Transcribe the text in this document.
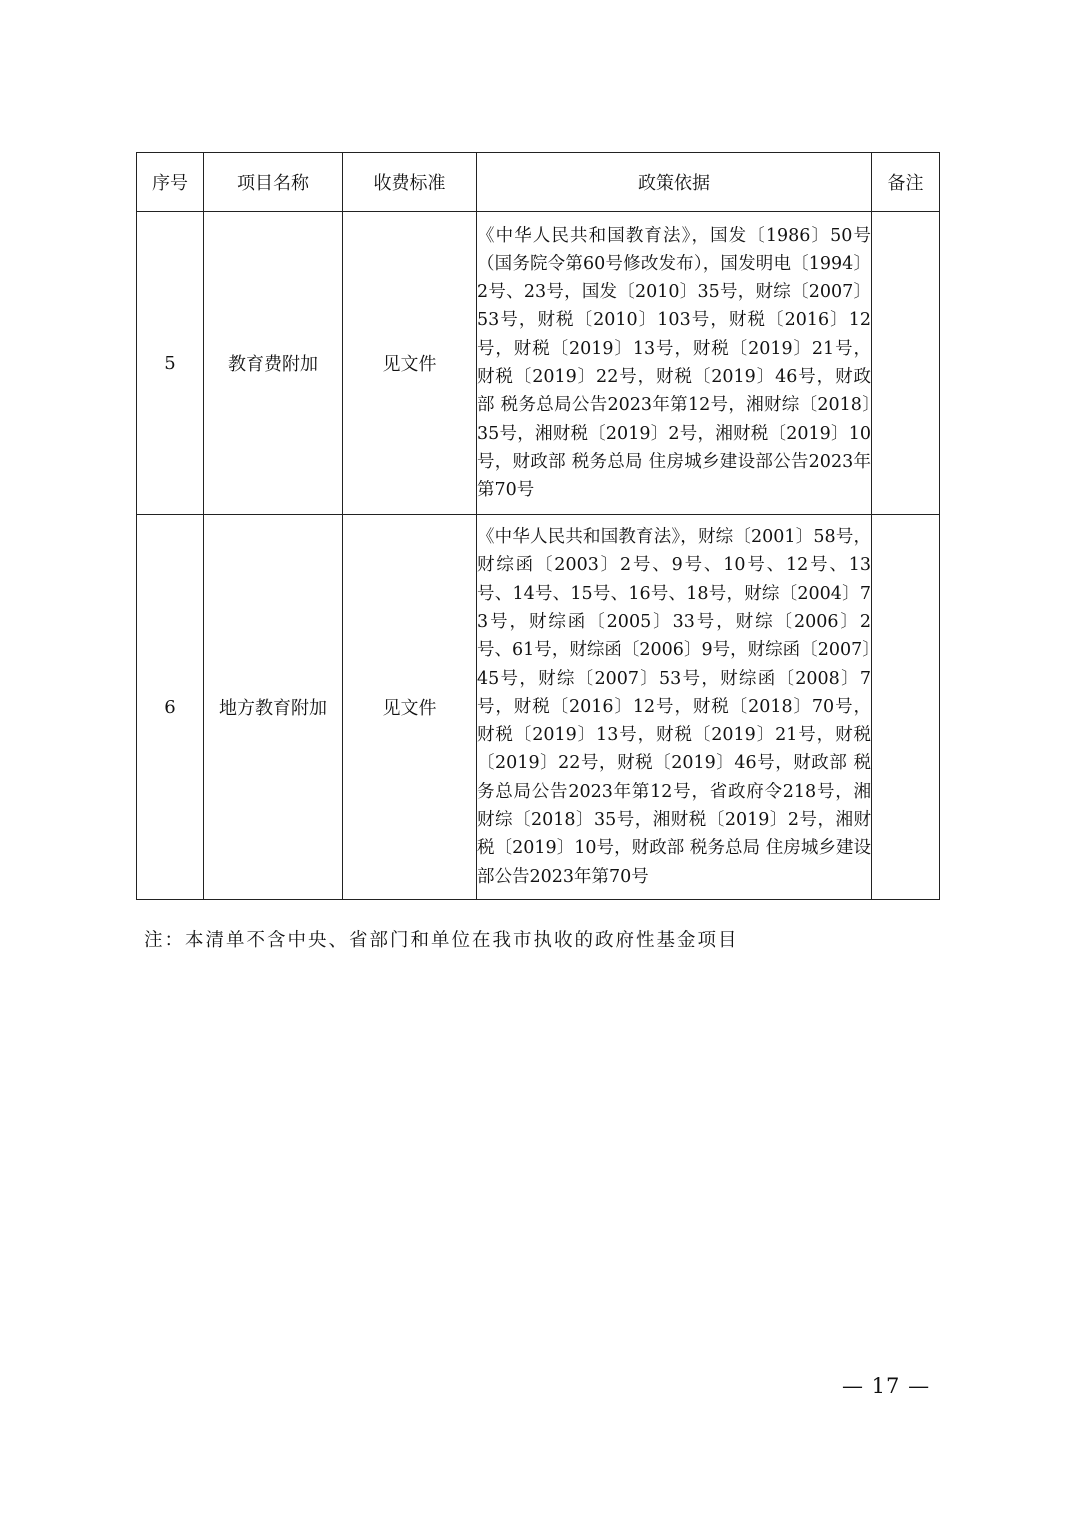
序号	项目名称	收费标准	政策依据	备注
5	教育费附加	见文件	《中华人民共和国教育法》，国发〔1986〕50号（国务院令第60号修改发布），国发明电〔1994〕2号、23号，国发〔2010〕35号，财综〔2007〕53号，财税〔2010〕103号，财税〔2016〕12号，财税〔2019〕13号，财税〔2019〕21号，财税〔2019〕22号，财税〔2019〕46号，财政部 税务总局公告2023年第12号，湘财综〔2018〕35号，湘财税〔2019〕2号，湘财税〔2019〕10号，财政部 税务总局 住房城乡建设部公告2023年第70号	
6	地方教育附加	见文件	《中华人民共和国教育法》，财综〔2001〕58号，财综函〔2003〕2号、9号、10号、12号、13号、14号、15号、16号、18号，财综〔2004〕73号，财综函〔2005〕33号，财综〔2006〕2号、61号，财综函〔2006〕9号，财综函〔2007〕45号，财综〔2007〕53号，财综函〔2008〕7号，财税〔2016〕12号，财税〔2018〕70号，财税〔2019〕13号，财税〔2019〕21号，财税〔2019〕22号，财税〔2019〕46号，财政部 税务总局公告2023年第12号，省政府令218号，湘财综〔2018〕35号，湘财税〔2019〕2号，湘财税〔2019〕10号，财政部 税务总局 住房城乡建设部公告2023年第70号	
注：本清单不含中央、省部门和单位在我市执收的政府性基金项目
— 17 —
